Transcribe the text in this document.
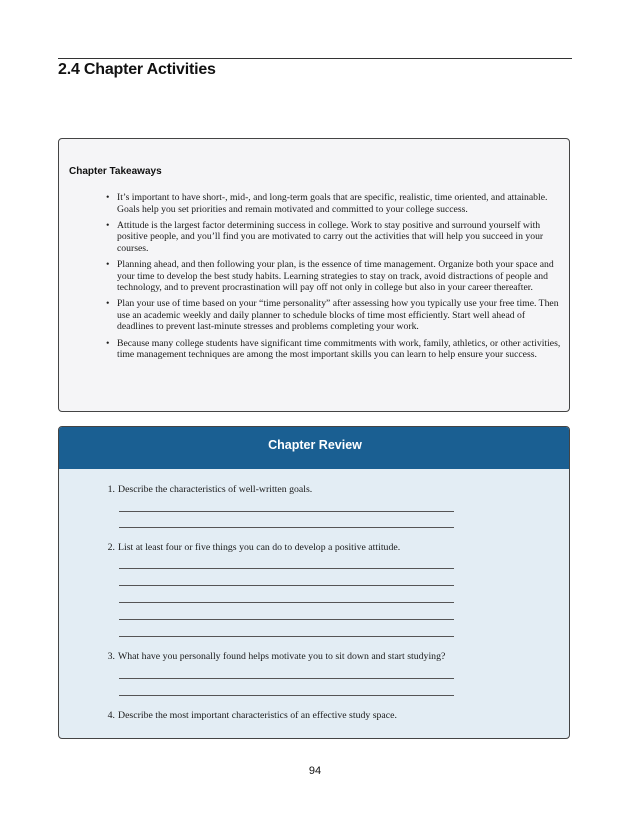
2.4 Chapter Activities
Chapter Takeaways
• It’s important to have short-, mid-, and long-term goals that are specific, realistic, time oriented, and attainable. Goals help you set priorities and remain motivated and committed to your college success.
• Attitude is the largest factor determining success in college. Work to stay positive and surround yourself with positive people, and you’ll find you are motivated to carry out the activities that will help you succeed in your courses.
• Planning ahead, and then following your plan, is the essence of time management. Organize both your space and your time to develop the best study habits. Learning strategies to stay on track, avoid distractions of people and technology, and to prevent procrastination will pay off not only in college but also in your career thereafter.
• Plan your use of time based on your “time personality” after assessing how you typically use your free time. Then use an academic weekly and daily planner to schedule blocks of time most efficiently. Start well ahead of deadlines to prevent last-minute stresses and problems completing your work.
• Because many college students have significant time commitments with work, family, athletics, or other activities, time management techniques are among the most important skills you can learn to help ensure your success.
Chapter Review
1. Describe the characteristics of well-written goals.
2. List at least four or five things you can do to develop a positive attitude.
3. What have you personally found helps motivate you to sit down and start studying?
4. Describe the most important characteristics of an effective study space.
94
